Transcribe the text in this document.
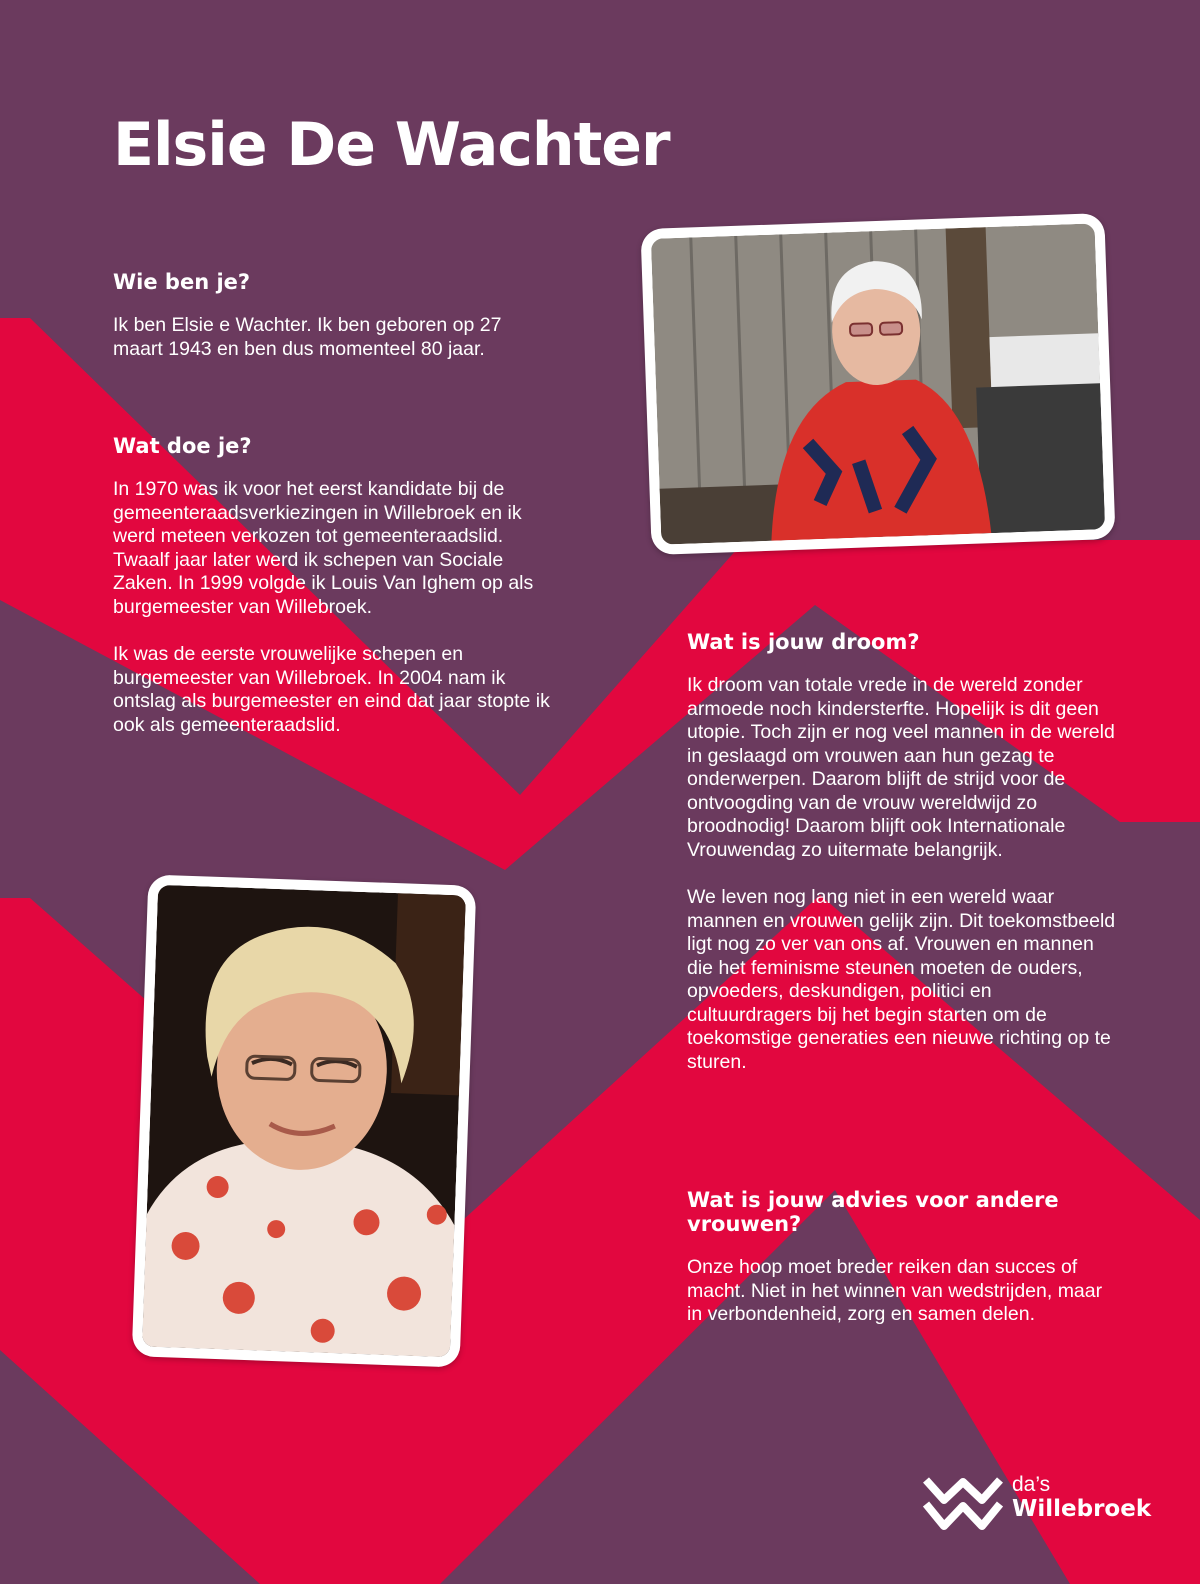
Elsie De Wachter
Wie ben je?

Ik ben Elsie e Wachter. Ik ben geboren op 27 maart 1943 en ben dus momenteel 80 jaar.

Wat doe je?

In 1970 was ik voor het eerst kandidate bij de gemeenteraadsverkiezingen in Willebroek en ik werd meteen verkozen tot gemeenteraadslid. Twaalf jaar later werd ik schepen van Sociale Zaken. In 1999 volgde ik Louis Van Ighem op als burgemeester van Willebroek.

Ik was de eerste vrouwelijke schepen en burgemeester van Willebroek. In 2004 nam ik ontslag als burgemeester en eind dat jaar stopte ik ook als gemeenteraadslid.

Wat is jouw droom?

Ik droom van totale vrede in de wereld zonder armoede noch kindersterfte. Hopelijk is dit geen utopie. Toch zijn er nog veel mannen in de wereld in geslaagd om vrouwen aan hun gezag te onderwerpen. Daarom blijft de strijd voor de ontvoogding van de vrouw wereldwijd zo broodnodig! Daarom blijft ook Internationale Vrouwendag zo uitermate belangrijk.

We leven nog lang niet in een wereld waar mannen en vrouwen gelijk zijn. Dit toekomstbeeld ligt nog zo ver van ons af. Vrouwen en mannen die het feminisme steunen moeten de ouders, opvoeders, deskundigen, politici en cultuurdragers bij het begin starten om de toekomstige generaties een nieuwe richting op te sturen.

Wat is jouw advies voor andere vrouwen?

Onze hoop moet breder reiken dan succes of macht. Niet in het winnen van wedstrijden, maar in verbondenheid, zorg en samen delen.

da’s
Willebroek
